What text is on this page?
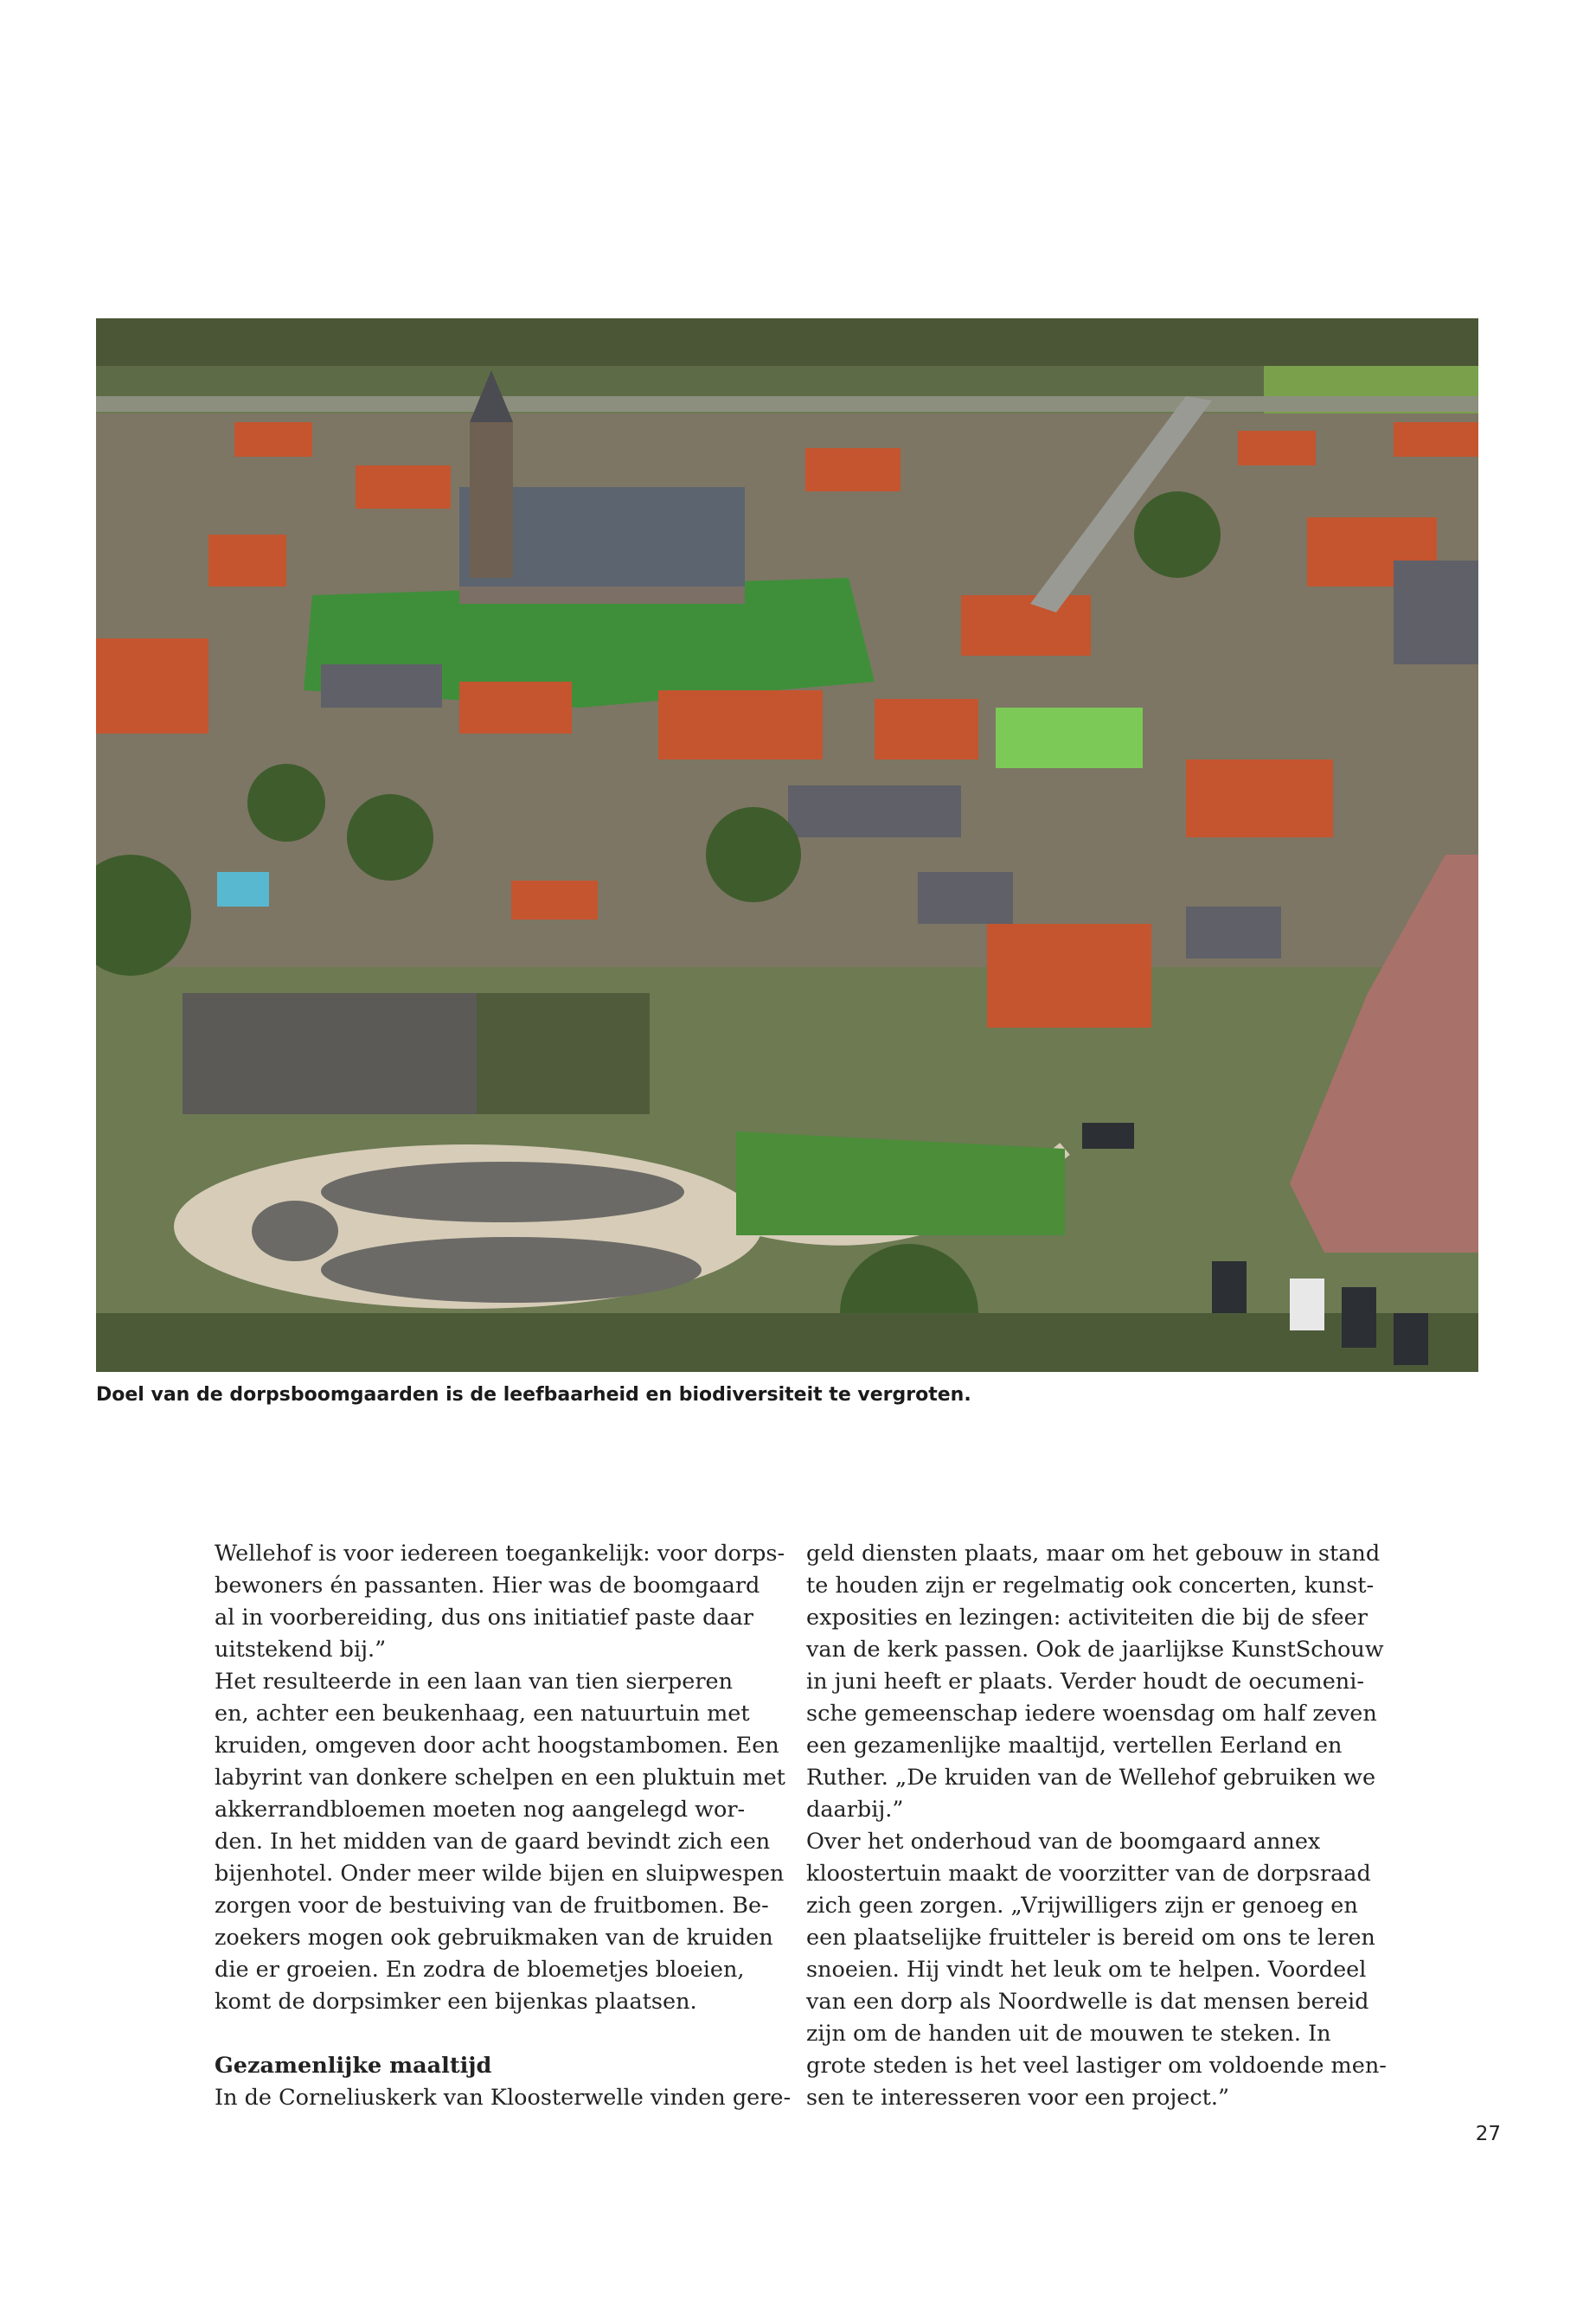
Doel van de dorpsboomgaarden is de leefbaarheid en biodiversiteit te vergroten.
Wellehof is voor iedereen toegankelijk: voor dorps-
bewoners én passanten. Hier was de boomgaard
al in voorbereiding, dus ons initiatief paste daar
uitstekend bij.”
Het resulteerde in een laan van tien sierperen
en, achter een beukenhaag, een natuurtuin met
kruiden, omgeven door acht hoogstambomen. Een
labyrint van donkere schelpen en een pluktuin met
akkerrandbloemen moeten nog aangelegd wor-
den. In het midden van de gaard bevindt zich een
bijenhotel. Onder meer wilde bijen en sluipwespen
zorgen voor de bestuiving van de fruitbomen. Be-
zoekers mogen ook gebruikmaken van de kruiden
die er groeien. En zodra de bloemetjes bloeien,
komt de dorpsimker een bijenkas plaatsen.
Gezamenlijke maaltijd
In de Corneliuskerk van Kloosterwelle vinden gere-
geld diensten plaats, maar om het gebouw in stand
te houden zijn er regelmatig ook concerten, kunst-
exposities en lezingen: activiteiten die bij de sfeer
van de kerk passen. Ook de jaarlijkse KunstSchouw
in juni heeft er plaats. Verder houdt de oecumeni-
sche gemeenschap iedere woensdag om half zeven
een gezamenlijke maaltijd, vertellen Eerland en
Ruther. „De kruiden van de Wellehof gebruiken we
daarbij.”
Over het onderhoud van de boomgaard annex
kloostertuin maakt de voorzitter van de dorpsraad
zich geen zorgen. „Vrijwilligers zijn er genoeg en
een plaatselijke fruitteler is bereid om ons te leren
snoeien. Hij vindt het leuk om te helpen. Voordeel
van een dorp als Noordwelle is dat mensen bereid
zijn om de handen uit de mouwen te steken. In
grote steden is het veel lastiger om voldoende men-
sen te interesseren voor een project.”
27
